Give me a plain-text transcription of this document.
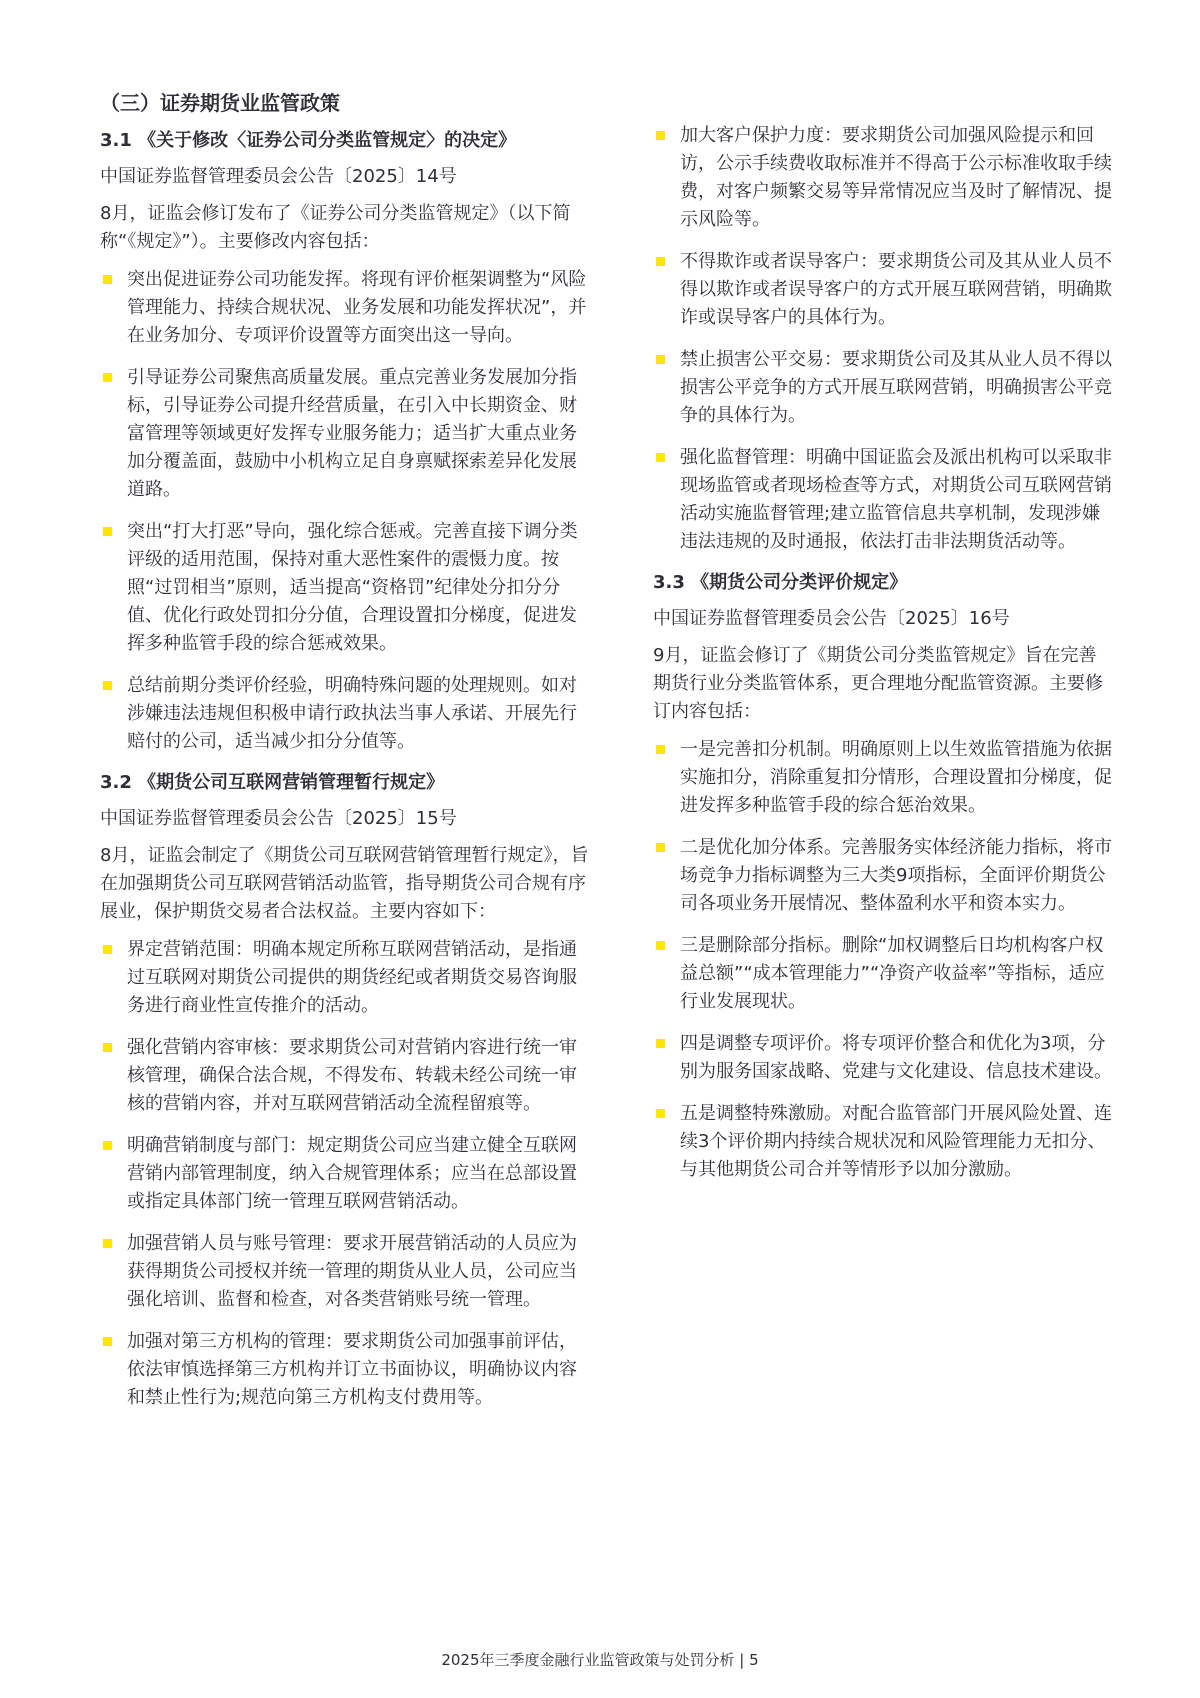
（三）证券期货业监管政策
3.1 《关于修改〈证券公司分类监管规定〉的决定》

中国证券监督管理委员会公告〔2025〕14号

8月，证监会修订发布了《证券公司分类监管规定》（以下简称“《规定》”）。主要修改内容包括：

突出促进证券公司功能发挥。将现有评价框架调整为“风险管理能力、持续合规状况、业务发展和功能发挥状况”，并在业务加分、专项评价设置等方面突出这一导向。
引导证券公司聚焦高质量发展。重点完善业务发展加分指标，引导证券公司提升经营质量，在引入中长期资金、财富管理等领域更好发挥专业服务能力；适当扩大重点业务加分覆盖面，鼓励中小机构立足自身禀赋探索差异化发展道路。
突出“打大打恶”导向，强化综合惩戒。完善直接下调分类评级的适用范围，保持对重大恶性案件的震慑力度。按照“过罚相当”原则，适当提高“资格罚”纪律处分扣分分值、优化行政处罚扣分分值，合理设置扣分梯度，促进发挥多种监管手段的综合惩戒效果。
总结前期分类评价经验，明确特殊问题的处理规则。如对涉嫌违法违规但积极申请行政执法当事人承诺、开展先行赔付的公司，适当减少扣分分值等。
3.2 《期货公司互联网营销管理暂行规定》

中国证券监督管理委员会公告〔2025〕15号

8月，证监会制定了《期货公司互联网营销管理暂行规定》，旨在加强期货公司互联网营销活动监管，指导期货公司合规有序展业，保护期货交易者合法权益。主要内容如下：

界定营销范围：明确本规定所称互联网营销活动，是指通过互联网对期货公司提供的期货经纪或者期货交易咨询服务进行商业性宣传推介的活动。
强化营销内容审核：要求期货公司对营销内容进行统一审核管理，确保合法合规，不得发布、转载未经公司统一审核的营销内容，并对互联网营销活动全流程留痕等。
明确营销制度与部门：规定期货公司应当建立健全互联网营销内部管理制度，纳入合规管理体系；应当在总部设置或指定具体部门统一管理互联网营销活动。
加强营销人员与账号管理：要求开展营销活动的人员应为获得期货公司授权并统一管理的期货从业人员，公司应当强化培训、监督和检查，对各类营销账号统一管理。
加强对第三方机构的管理：要求期货公司加强事前评估，依法审慎选择第三方机构并订立书面协议，明确协议内容和禁止性行为;规范向第三方机构支付费用等。
加大客户保护力度：要求期货公司加强风险提示和回访，公示手续费收取标准并不得高于公示标准收取手续费，对客户频繁交易等异常情况应当及时了解情况、提示风险等。
不得欺诈或者误导客户：要求期货公司及其从业人员不得以欺诈或者误导客户的方式开展互联网营销，明确欺诈或误导客户的具体行为。
禁止损害公平交易：要求期货公司及其从业人员不得以损害公平竞争的方式开展互联网营销，明确损害公平竞争的具体行为。
强化监督管理：明确中国证监会及派出机构可以采取非现场监管或者现场检查等方式，对期货公司互联网营销活动实施监督管理;建立监管信息共享机制，发现涉嫌违法违规的及时通报，依法打击非法期货活动等。
3.3 《期货公司分类评价规定》

中国证券监督管理委员会公告〔2025〕16号

9月，证监会修订了《期货公司分类监管规定》旨在完善期货行业分类监管体系，更合理地分配监管资源。主要修订内容包括：

一是完善扣分机制。明确原则上以生效监管措施为依据实施扣分，消除重复扣分情形，合理设置扣分梯度，促进发挥多种监管手段的综合惩治效果。
二是优化加分体系。完善服务实体经济能力指标，将市场竞争力指标调整为三大类9项指标，全面评价期货公司各项业务开展情况、整体盈利水平和资本实力。
三是删除部分指标。删除“加权调整后日均机构客户权益总额”“成本管理能力”“净资产收益率”等指标，适应行业发展现状。
四是调整专项评价。将专项评价整合和优化为3项，分别为服务国家战略、党建与文化建设、信息技术建设。
五是调整特殊激励。对配合监管部门开展风险处置、连续3个评价期内持续合规状况和风险管理能力无扣分、与其他期货公司合并等情形予以加分激励。
2025年三季度金融行业监管政策与处罚分析 | 5
